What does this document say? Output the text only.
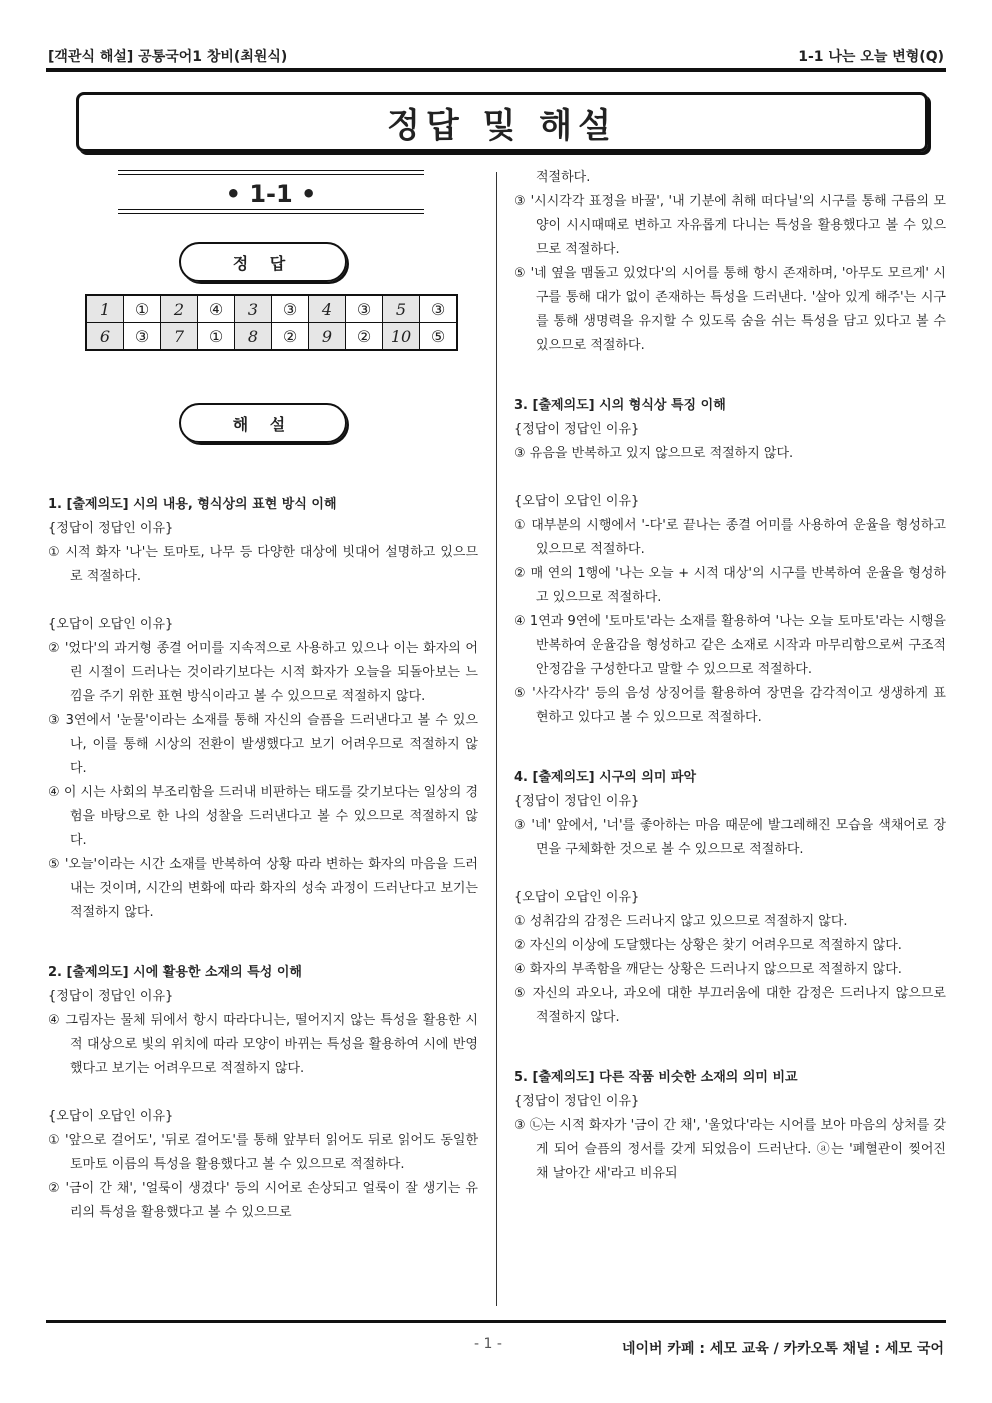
[객관식 해설] 공통국어1 창비(최원식)	1-1 나는 오늘 변형(Q)
정답 및 해설
• 1-1 •
정 답
1	①	2	④	3	③	4	③	5	③
6	③	7	①	8	②	9	②	10	⑤
해 설

1. [출제의도] 시의 내용, 형식상의 표현 방식 이해

{정답이 정답인 이유}

① 시적 화자 '나'는 토마토, 나무 등 다양한 대상에 빗대어 설명하고 있으므로 적절하다.

{오답이 오답인 이유}

② '었다'의 과거형 종결 어미를 지속적으로 사용하고 있으나 이는 화자의 어린 시절이 드러나는 것이라기보다는 시적 화자가 오늘을 되돌아보는 느낌을 주기 위한 표현 방식이라고 볼 수 있으므로 적절하지 않다.

③ 3연에서 '눈물'이라는 소재를 통해 자신의 슬픔을 드러낸다고 볼 수 있으나, 이를 통해 시상의 전환이 발생했다고 보기 어려우므로 적절하지 않다.

④ 이 시는 사회의 부조리함을 드러내 비판하는 태도를 갖기보다는 일상의 경험을 바탕으로 한 나의 성찰을 드러낸다고 볼 수 있으므로 적절하지 않다.

⑤ '오늘'이라는 시간 소재를 반복하여 상황 따라 변하는 화자의 마음을 드러내는 것이며, 시간의 변화에 따라 화자의 성숙 과정이 드러난다고 보기는 적절하지 않다.

2. [출제의도] 시에 활용한 소재의 특성 이해

{정답이 정답인 이유}

④ 그림자는 물체 뒤에서 항시 따라다니는, 떨어지지 않는 특성을 활용한 시적 대상으로 빛의 위치에 따라 모양이 바뀌는 특성을 활용하여 시에 반영했다고 보기는 어려우므로 적절하지 않다.

{오답이 오답인 이유}

① '앞으로 걸어도', '뒤로 걸어도'를 통해 앞부터 읽어도 뒤로 읽어도 동일한 토마토 이름의 특성을 활용했다고 볼 수 있으므로 적절하다.

② '금이 간 채', '얼룩이 생겼다' 등의 시어로 손상되고 얼룩이 잘 생기는 유리의 특성을 활용했다고 볼 수 있으므로

적절하다.

③ '시시각각 표정을 바꿀', '내 기분에 취해 떠다닐'의 시구를 통해 구름의 모양이 시시때때로 변하고 자유롭게 다니는 특성을 활용했다고 볼 수 있으므로 적절하다.

⑤ '네 옆을 맴돌고 있었다'의 시어를 통해 항시 존재하며, '아무도 모르게' 시구를 통해 대가 없이 존재하는 특성을 드러낸다. '살아 있게 해주'는 시구를 통해 생명력을 유지할 수 있도록 숨을 쉬는 특성을 담고 있다고 볼 수 있으므로 적절하다.

3. [출제의도] 시의 형식상 특징 이해

{정답이 정답인 이유}

③ 유음을 반복하고 있지 않으므로 적절하지 않다.

{오답이 오답인 이유}

① 대부분의 시행에서 '-다'로 끝나는 종결 어미를 사용하여 운율을 형성하고 있으므로 적절하다.

② 매 연의 1행에 '나는 오늘 + 시적 대상'의 시구를 반복하여 운율을 형성하고 있으므로 적절하다.

④ 1연과 9연에 '토마토'라는 소재를 활용하여 '나는 오늘 토마토'라는 시행을 반복하여 운율감을 형성하고 같은 소재로 시작과 마무리함으로써 구조적 안정감을 구성한다고 말할 수 있으므로 적절하다.

⑤ '사각사각' 등의 음성 상징어를 활용하여 장면을 감각적이고 생생하게 표현하고 있다고 볼 수 있으므로 적절하다.

4. [출제의도] 시구의 의미 파악

{정답이 정답인 이유}

③ '네' 앞에서, '너'를 좋아하는 마음 때문에 발그레해진 모습을 색채어로 장면을 구체화한 것으로 볼 수 있으므로 적절하다.

{오답이 오답인 이유}

① 성취감의 감정은 드러나지 않고 있으므로 적절하지 않다.

② 자신의 이상에 도달했다는 상황은 찾기 어려우므로 적절하지 않다.

④ 화자의 부족함을 깨닫는 상황은 드러나지 않으므로 적절하지 않다.

⑤ 자신의 과오나, 과오에 대한 부끄러움에 대한 감정은 드러나지 않으므로 적절하지 않다.

5. [출제의도] 다른 작품 비슷한 소재의 의미 비교

{정답이 정답인 이유}

③ ㉡는 시적 화자가 '금이 간 채', '울었다'라는 시어를 보아 마음의 상처를 갖게 되어 슬픔의 정서를 갖게 되었음이 드러난다. ⓐ는 '폐혈관이 찢어진 채 날아간 새'라고 비유되

- 1 -	네이버 카페 : 세모 교육 / 카카오톡 채널 : 세모 국어
